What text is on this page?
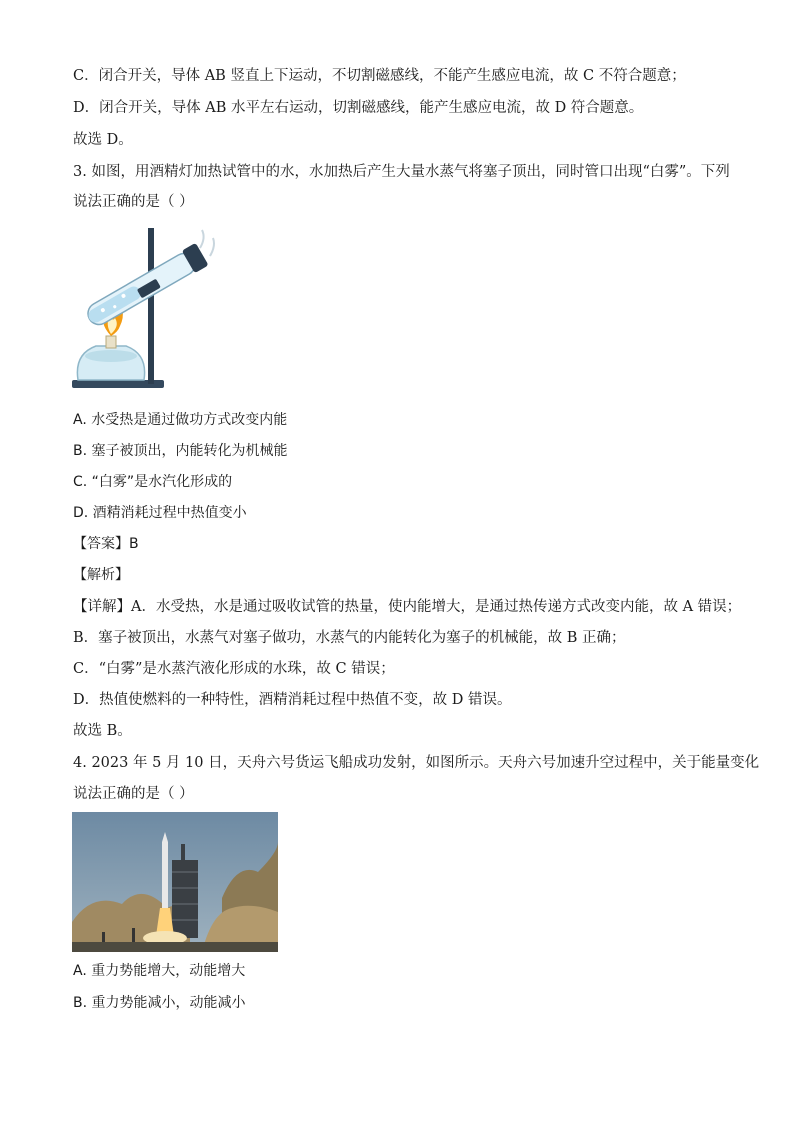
C．闭合开关，导体 AB 竖直上下运动，不切割磁感线，不能产生感应电流，故 C 不符合题意；
D．闭合开关，导体 AB 水平左右运动，切割磁感线，能产生感应电流，故 D 符合题意。
故选 D。
3. 如图，用酒精灯加热试管中的水，水加热后产生大量水蒸气将塞子顶出，同时管口出现“白雾”。下列
说法正确的是（ ）
A. 水受热是通过做功方式改变内能
B. 塞子被顶出，内能转化为机械能
C. “白雾”是水汽化形成的
D. 酒精消耗过程中热值变小
【答案】B
【解析】
【详解】A．水受热，水是通过吸收试管的热量，使内能增大，是通过热传递方式改变内能，故 A 错误；
B．塞子被顶出，水蒸气对塞子做功，水蒸气的内能转化为塞子的机械能，故 B 正确；
C．“白雾”是水蒸汽液化形成的水珠，故 C 错误；
D．热值使燃料的一种特性，酒精消耗过程中热值不变，故 D 错误。
故选 B。
4. 2023 年 5 月 10 日，天舟六号货运飞船成功发射，如图所示。天舟六号加速升空过程中，关于能量变化
说法正确的是（ ）
A. 重力势能增大，动能增大
B. 重力势能减小，动能减小
